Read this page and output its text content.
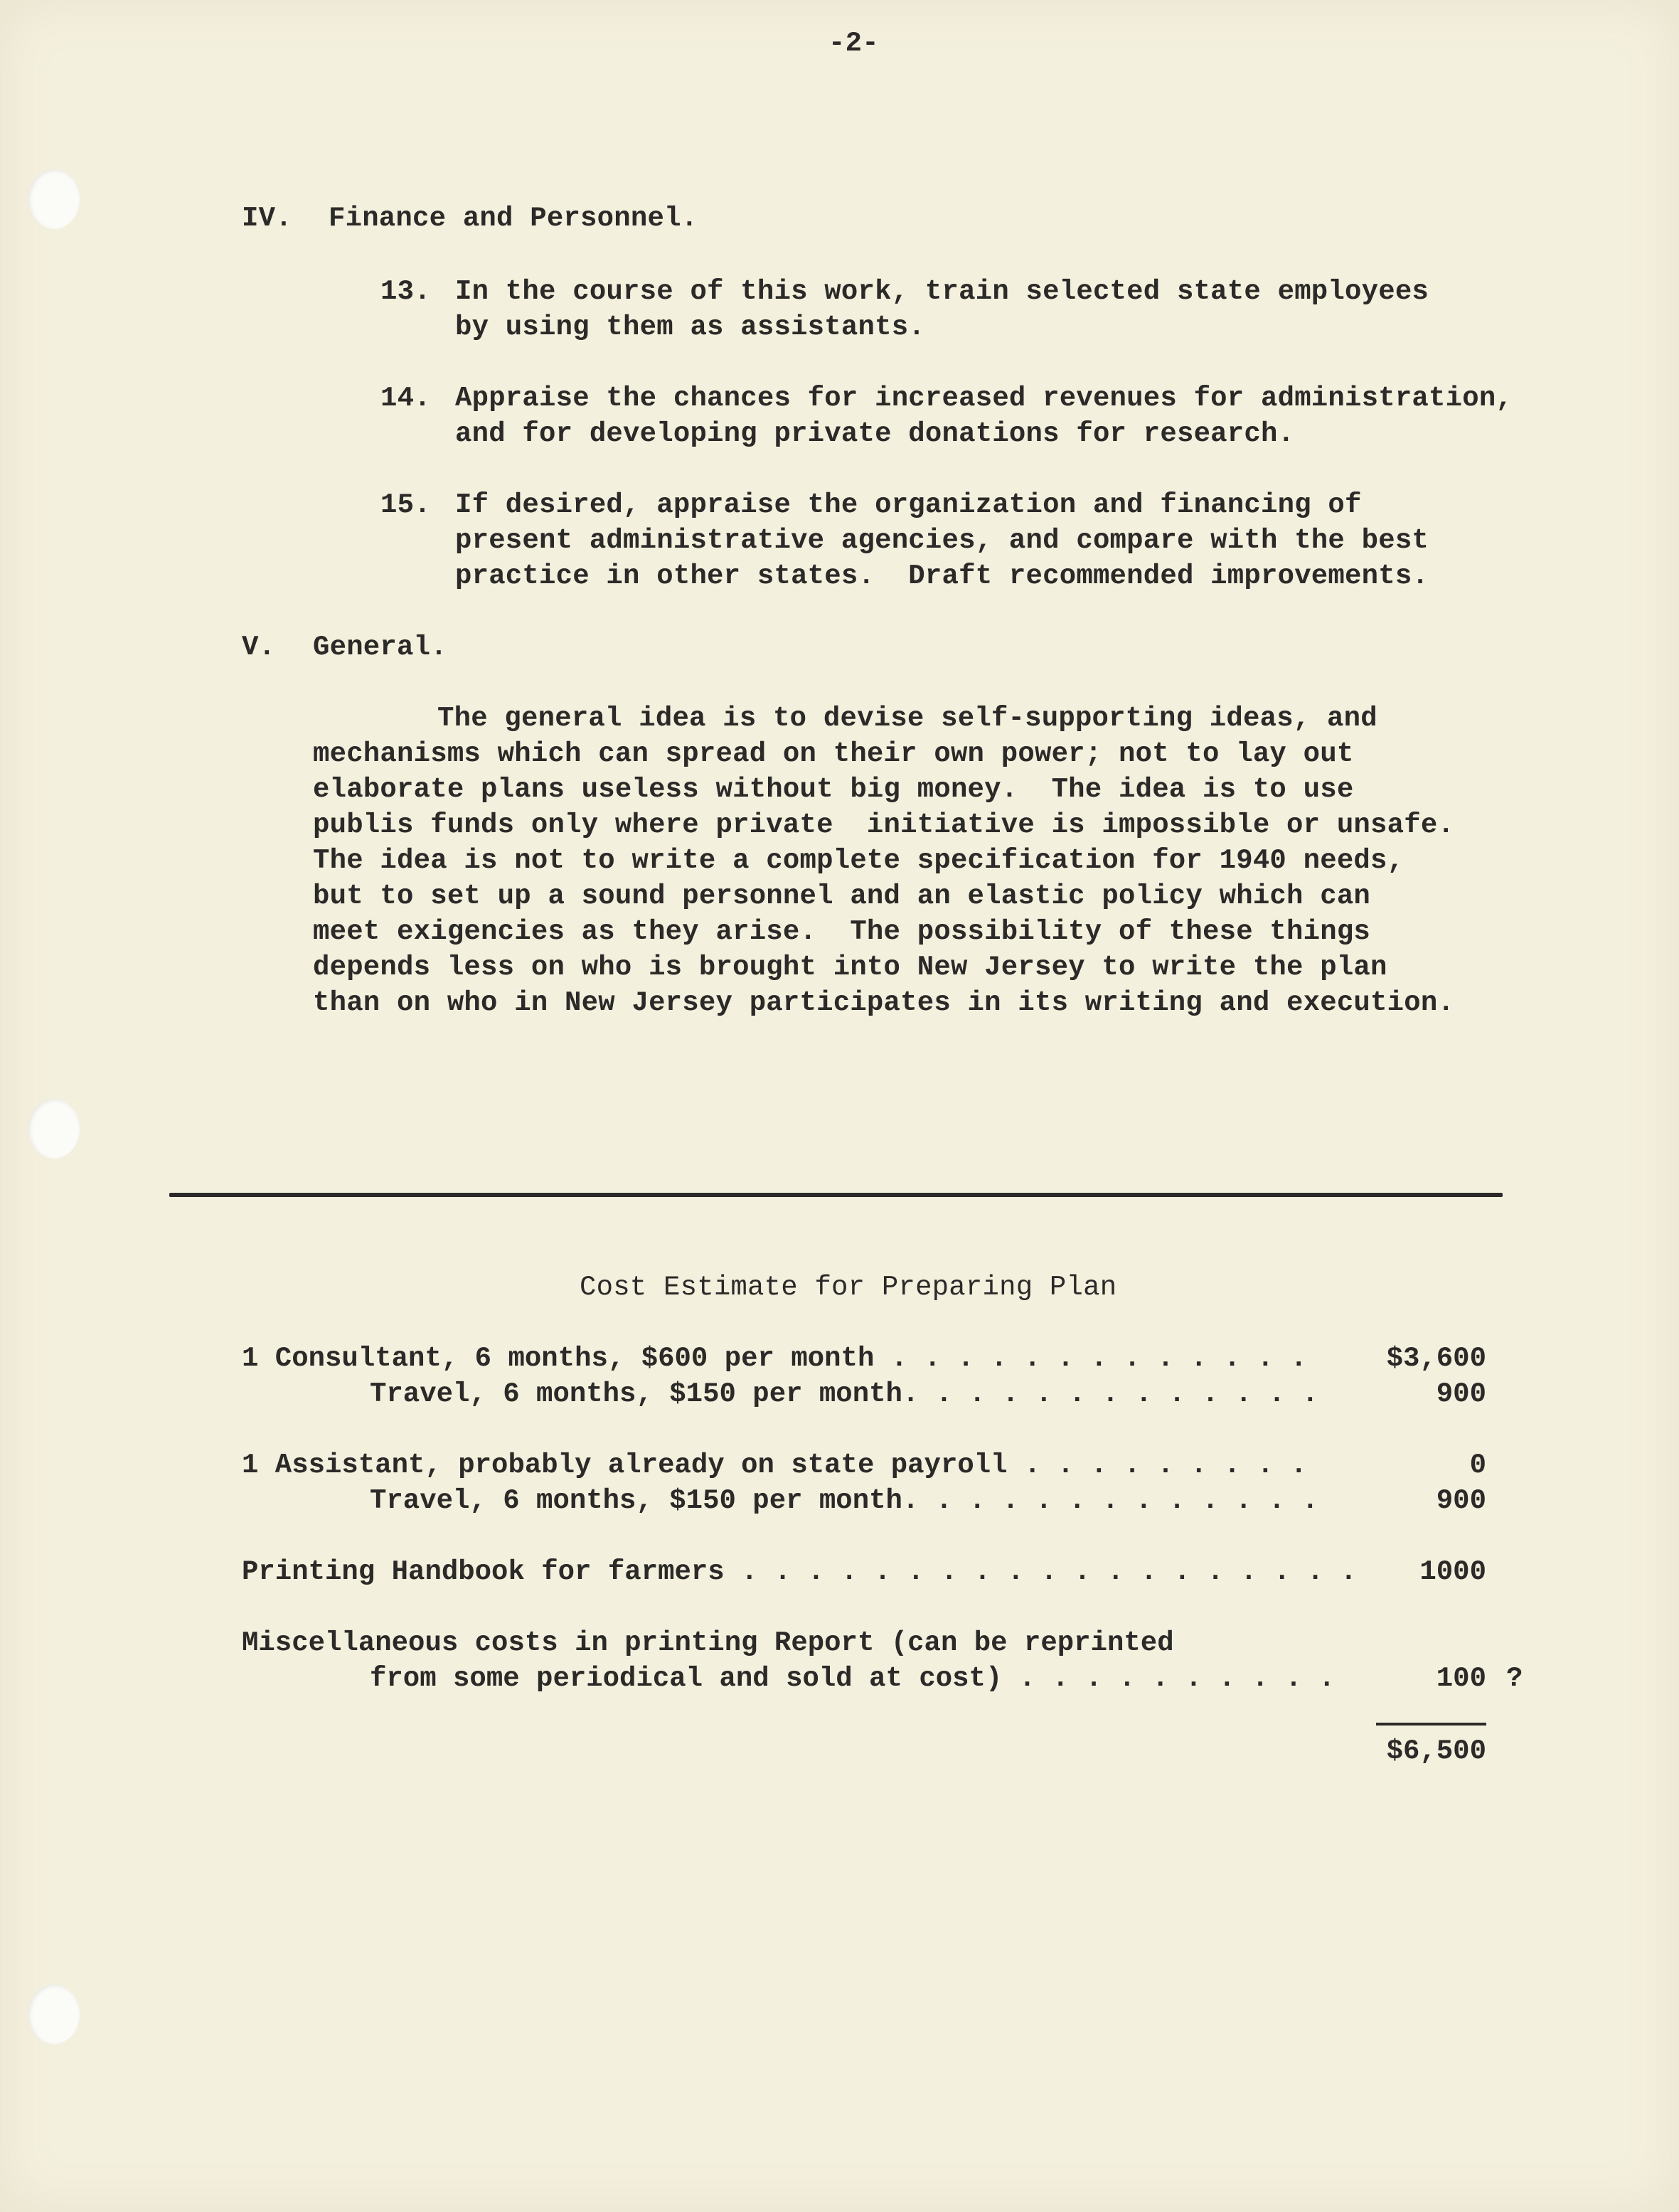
-2-
IV. Finance and Personnel.
13. In the course of this work, train selected state employees
by using them as assistants.
14. Appraise the chances for increased revenues for administration,
and for developing private donations for research.
15. If desired, appraise the organization and financing of
present administrative agencies, and compare with the best
practice in other states.  Draft recommended improvements.
V. General.
The general idea is to devise self-supporting ideas, and
mechanisms which can spread on their own power; not to lay out
elaborate plans useless without big money.  The idea is to use
publis funds only where private  initiative is impossible or unsafe.
The idea is not to write a complete specification for 1940 needs,
but to set up a sound personnel and an elastic policy which can
meet exigencies as they arise.  The possibility of these things
depends less on who is brought into New Jersey to write the plan
than on who in New Jersey participates in its writing and execution.
Cost Estimate for Preparing Plan
1 Consultant, 6 months, $600 per month . . . . . . . . . . . . .	$3,600
Travel, 6 months, $150 per month. . . . . . . . . . . . .	900
1 Assistant, probably already on state payroll . . . . . . . . .	0
Travel, 6 months, $150 per month. . . . . . . . . . . . .	900
Printing Handbook for farmers . . . . . . . . . . . . . . . . . . . 1000
Miscellaneous costs in printing Report (can be reprinted
from some periodical and sold at cost) . . . . . . . . . .	100 ?
$6,500
